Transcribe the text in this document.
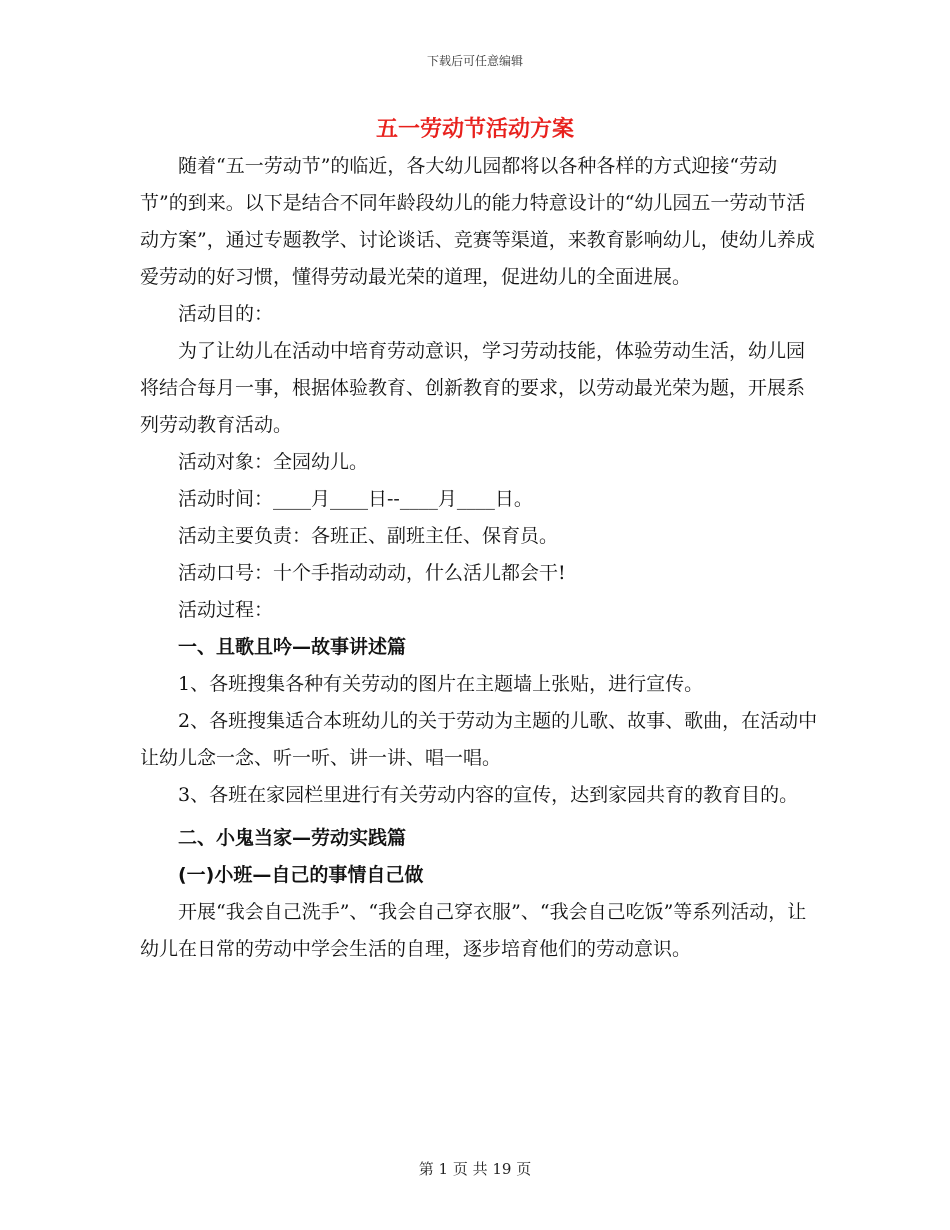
下载后可任意编辑
五一劳动节活动方案

随着“五一劳动节”的临近，各大幼儿园都将以各种各样的方式迎接“劳动节”的到来。以下是结合不同年龄段幼儿的能力特意设计的“幼儿园五一劳动节活动方案”，通过专题教学、讨论谈话、竞赛等渠道，来教育影响幼儿，使幼儿养成爱劳动的好习惯，懂得劳动最光荣的道理，促进幼儿的全面进展。

活动目的：

为了让幼儿在活动中培育劳动意识，学习劳动技能，体验劳动生活，幼儿园将结合每月一事，根据体验教育、创新教育的要求，以劳动最光荣为题，开展系列劳动教育活动。

活动对象：全园幼儿。

活动时间：____月____日--____月____日。

活动主要负责：各班正、副班主任、保育员。

活动口号：十个手指动动动，什么活儿都会干!

活动过程：

一、且歌且吟—故事讲述篇

1、各班搜集各种有关劳动的图片在主题墙上张贴，进行宣传。

2、各班搜集适合本班幼儿的关于劳动为主题的儿歌、故事、歌曲，在活动中让幼儿念一念、听一听、讲一讲、唱一唱。

3、各班在家园栏里进行有关劳动内容的宣传，达到家园共育的教育目的。

二、小鬼当家—劳动实践篇

(一)小班—自己的事情自己做

开展“我会自己洗手”、“我会自己穿衣服”、“我会自己吃饭”等系列活动，让幼儿在日常的劳动中学会生活的自理，逐步培育他们的劳动意识。

第 1 页 共 19 页
